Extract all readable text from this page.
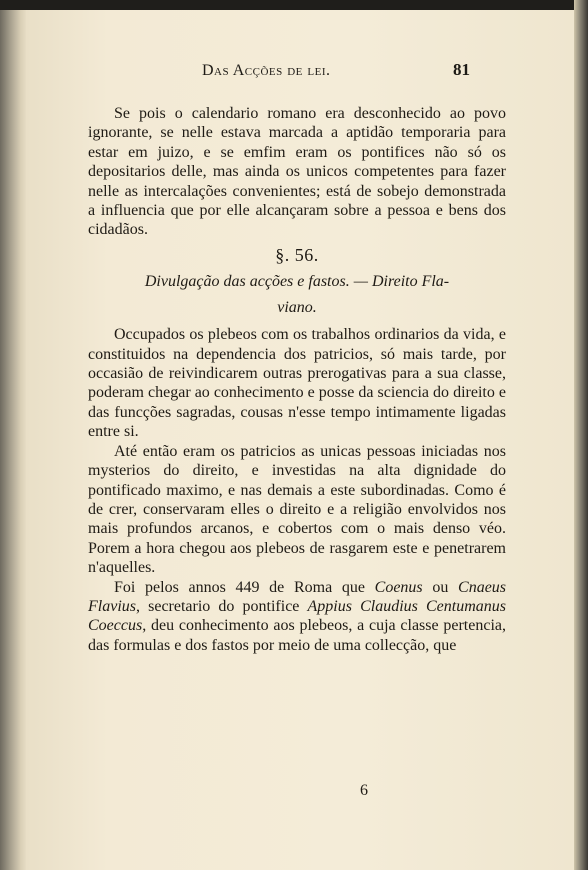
Das Acções de lei.	81

Se pois o calendario romano era desconhecido ao povo ignorante, se nelle estava marcada a aptidão temporaria para estar em juizo, e se emfim eram os pontifices não só os depositarios delle, mas ainda os unicos competentes para fazer nelle as intercalações convenientes; está de sobejo demonstrada a influencia que por elle alcançaram sobre a pessoa e bens dos cidadãos.

§. 56.
Divulgação das acções e fastos. — Direito Fla-
viano.

Occupados os plebeos com os trabalhos ordinarios da vida, e constituidos na dependencia dos patricios, só mais tarde, por occasião de reivindicarem outras prerogativas para a sua classe, poderam chegar ao conhecimento e posse da sciencia do direito e das funcções sagradas, cousas n'esse tempo intimamente ligadas entre si.

Até então eram os patricios as unicas pessoas iniciadas nos mysterios do direito, e investidas na alta dignidade do pontificado maximo, e nas demais a este subordinadas. Como é de crer, conservaram elles o direito e a religião envolvidos nos mais profundos arcanos, e cobertos com o mais denso véo. Porem a hora chegou aos plebeos de rasgarem este e penetrarem n'aquelles.

Foi pelos annos 449 de Roma que Coenus ou Cnaeus Flavius, secretario do pontifice Appius Claudius Centumanus Coeccus, deu conhecimento aos plebeos, a cuja classe pertencia, das formulas e dos fastos por meio de uma collecção, que

6
